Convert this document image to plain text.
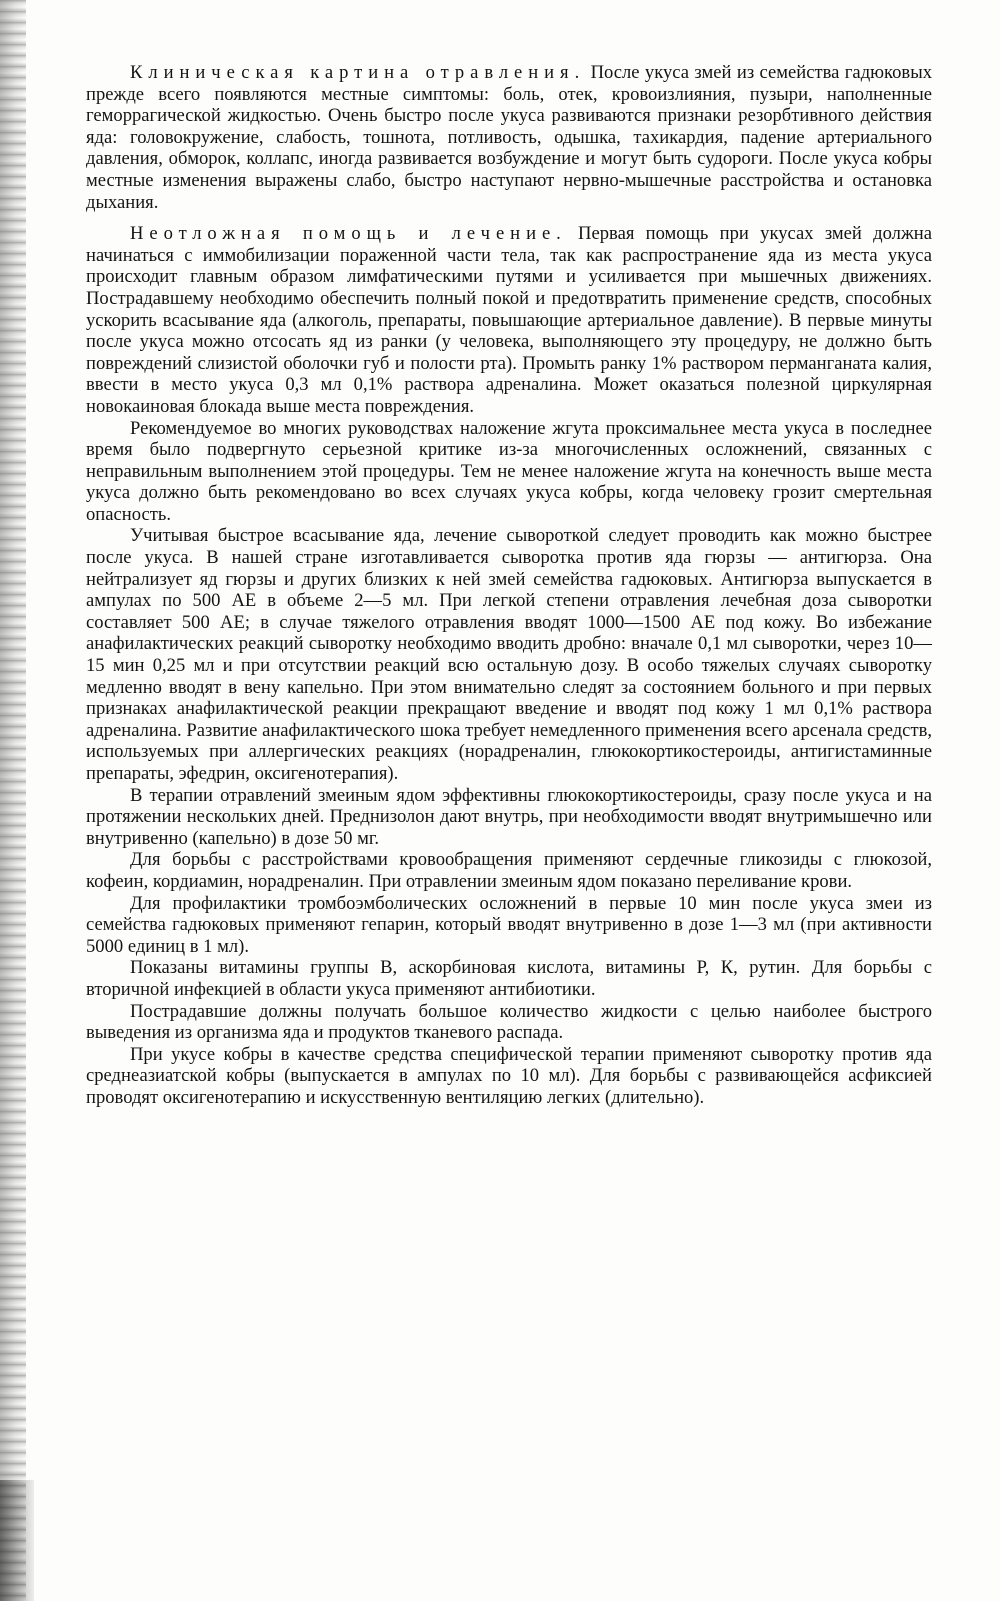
Клиническая картина отравления. После укуса змей из семейства гадюковых прежде всего появляются местные симптомы: боль, отек, кровоизлияния, пузыри, наполненные геморрагической жидкостью. Очень быстро после укуса развиваются признаки резорбтивного действия яда: головокружение, слабость, тошнота, потливость, одышка, тахикардия, падение артериального давления, обморок, коллапс, иногда развивается возбуждение и могут быть судороги. После укуса кобры местные изменения выражены слабо, быстро наступают нервно-мышечные расстройства и остановка дыхания.

Неотложная помощь и лечение. Первая помощь при укусах змей должна начинаться с иммобилизации пораженной части тела, так как распространение яда из места укуса происходит главным образом лимфатическими путями и усиливается при мышечных движениях. Пострадавшему необходимо обеспечить полный покой и предотвратить применение средств, способных ускорить всасывание яда (алкоголь, препараты, повышающие артериальное давление). В первые минуты после укуса можно отсосать яд из ранки (у человека, выполняющего эту процедуру, не должно быть повреждений слизистой оболочки губ и полости рта). Промыть ранку 1% раствором перманганата калия, ввести в место укуса 0,3 мл 0,1% раствора адреналина. Может оказаться полезной циркулярная новокаиновая блокада выше места повреждения.

Рекомендуемое во многих руководствах наложение жгута проксимальнее места укуса в последнее время было подвергнуто серьезной критике из-за многочисленных осложнений, связанных с неправильным выполнением этой процедуры. Тем не менее наложение жгута на конечность выше места укуса должно быть рекомендовано во всех случаях укуса кобры, когда человеку грозит смертельная опасность.

Учитывая быстрое всасывание яда, лечение сывороткой следует проводить как можно быстрее после укуса. В нашей стране изготавливается сыворотка против яда гюрзы — антигюрза. Она нейтрализует яд гюрзы и других близких к ней змей семейства гадюковых. Антигюрза выпускается в ампулах по 500 АЕ в объеме 2—5 мл. При легкой степени отравления лечебная доза сыворотки составляет 500 АЕ; в случае тяжелого отравления вводят 1000—1500 АЕ под кожу. Во избежание анафилактических реакций сыворотку необходимо вводить дробно: вначале 0,1 мл сыворотки, через 10—15 мин 0,25 мл и при отсутствии реакций всю остальную дозу. В особо тяжелых случаях сыворотку медленно вводят в вену капельно. При этом внимательно следят за состоянием больного и при первых признаках анафилактической реакции прекращают введение и вводят под кожу 1 мл 0,1% раствора адреналина. Развитие анафилактического шока требует немедленного применения всего арсенала средств, используемых при аллергических реакциях (норадреналин, глюкокортикостероиды, антигистаминные препараты, эфедрин, оксигенотерапия).

В терапии отравлений змеиным ядом эффективны глюкокортикостероиды, сразу после укуса и на протяжении нескольких дней. Преднизолон дают внутрь, при необходимости вводят внутримышечно или внутривенно (капельно) в дозе 50 мг.

Для борьбы с расстройствами кровообращения применяют сердечные гликозиды с глюкозой, кофеин, кордиамин, норадреналин. При отравлении змеиным ядом показано переливание крови.

Для профилактики тромбоэмболических осложнений в первые 10 мин после укуса змеи из семейства гадюковых применяют гепарин, который вводят внутривенно в дозе 1—3 мл (при активности 5000 единиц в 1 мл).

Показаны витамины группы В, аскорбиновая кислота, витамины Р, К, рутин. Для борьбы с вторичной инфекцией в области укуса применяют антибиотики.

Пострадавшие должны получать большое количество жидкости с целью наиболее быстрого выведения из организма яда и продуктов тканевого распада.

При укусе кобры в качестве средства специфической терапии применяют сыворотку против яда среднеазиатской кобры (выпускается в ампулах по 10 мл). Для борьбы с развивающейся асфиксией проводят оксигенотерапию и искусственную вентиляцию легких (длительно).
